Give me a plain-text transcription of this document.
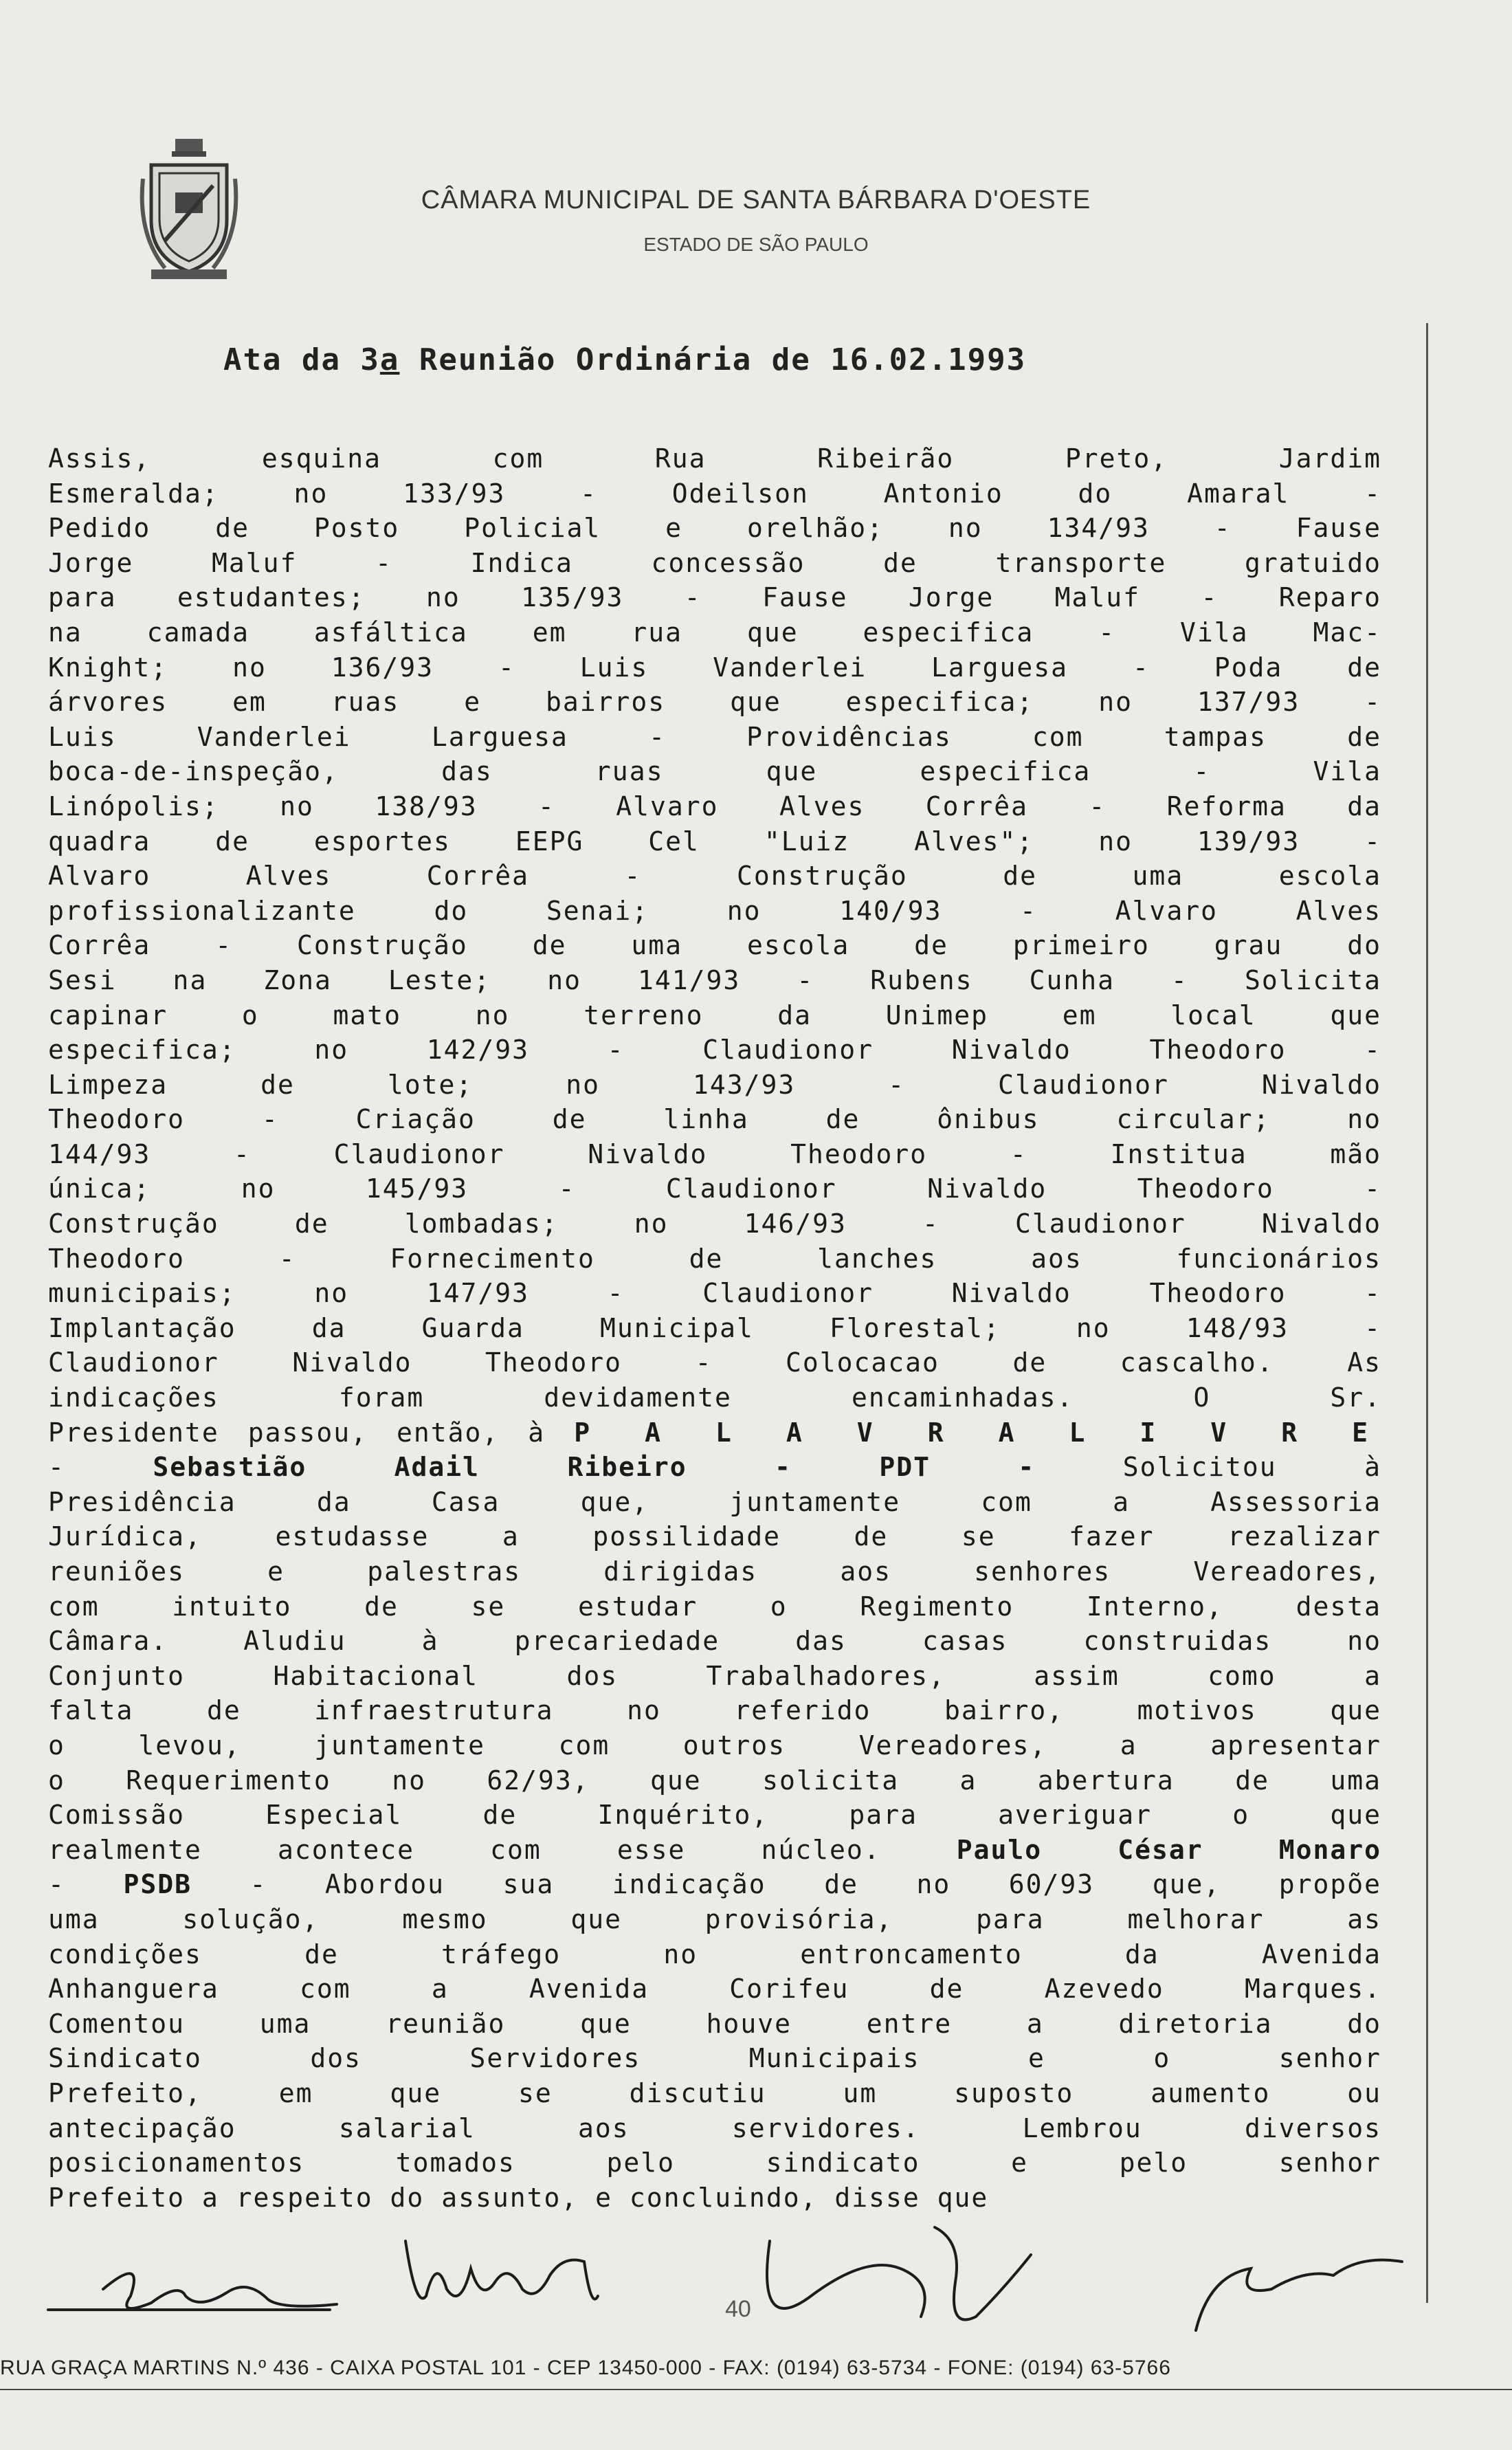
CÂMARA MUNICIPAL DE SANTA BÁRBARA D'OESTE
ESTADO DE SÃO PAULO
Ata da 3a Reunião Ordinária de 16.02.1993
Assis, esquina com Rua Ribeirão Preto, Jardim
Esmeralda; no 133/93 - Odeilson Antonio do Amaral -
Pedido de Posto Policial e orelhão; no 134/93 - Fause
Jorge Maluf - Indica concessão de transporte gratuido
para estudantes; no 135/93 - Fause Jorge Maluf - Reparo
na camada asfáltica em rua que especifica - Vila Mac-
Knight; no 136/93 - Luis Vanderlei Larguesa - Poda de
árvores em ruas e bairros que especifica; no 137/93 -
Luis Vanderlei Larguesa - Providências com tampas de
boca-de-inspeção, das ruas que especifica - Vila
Linópolis; no 138/93 - Alvaro Alves Corrêa - Reforma da
quadra de esportes EEPG Cel "Luiz Alves"; no 139/93 -
Alvaro Alves Corrêa - Construção de uma escola
profissionalizante do Senai; no 140/93 - Alvaro Alves
Corrêa - Construção de uma escola de primeiro grau do
Sesi na Zona Leste; no 141/93 - Rubens Cunha - Solicita
capinar o mato no terreno da Unimep em local que
especifica; no 142/93 - Claudionor Nivaldo Theodoro -
Limpeza de lote; no 143/93 - Claudionor Nivaldo
Theodoro - Criação de linha de ônibus circular; no
144/93 - Claudionor Nivaldo Theodoro - Institua mão
única; no 145/93 - Claudionor Nivaldo Theodoro -
Construção de lombadas; no 146/93 - Claudionor Nivaldo
Theodoro - Fornecimento de lanches aos funcionários
municipais; no 147/93 - Claudionor Nivaldo Theodoro -
Implantação da Guarda Municipal Florestal; no 148/93 -
Claudionor Nivaldo Theodoro - Colocacao de cascalho. As
indicações foram devidamente encaminhadas. O Sr.
Presidente passou, então, à P A L A V R A L I V R E
-	Sebastião Adail Ribeiro	- PDT -	Solicitou à
Presidência da Casa que, juntamente com a Assessoria
Jurídica, estudasse a possilidade de se fazer rezalizar
reuniões e palestras dirigidas aos senhores Vereadores,
com intuito de se estudar o Regimento Interno, desta
Câmara. Aludiu à precariedade das casas construidas no
Conjunto Habitacional dos Trabalhadores, assim como a
falta de infraestrutura no referido bairro, motivos que
o levou, juntamente com outros Vereadores, a apresentar
o Requerimento no 62/93, que solicita a abertura de uma
Comissão Especial de Inquérito, para averiguar o que
realmente acontece com esse núcleo.	Paulo César Monaro
- PSDB - Abordou sua indicação de no 60/93 que, propõe
uma solução, mesmo que provisória, para melhorar as
condições de tráfego no entroncamento da Avenida
Anhanguera com a Avenida Corifeu de Azevedo Marques.
Comentou uma reunião que houve entre a diretoria do
Sindicato dos Servidores Municipais e o senhor
Prefeito, em que se discutiu um suposto aumento ou
antecipação salarial aos servidores. Lembrou diversos
posicionamentos tomados pelo sindicato e pelo senhor
Prefeito a respeito do assunto, e concluindo, disse que
40
RUA GRAÇA MARTINS N.º 436 - CAIXA POSTAL 101 - CEP 13450-000 - FAX: (0194) 63-5734 - FONE: (0194) 63-5766
